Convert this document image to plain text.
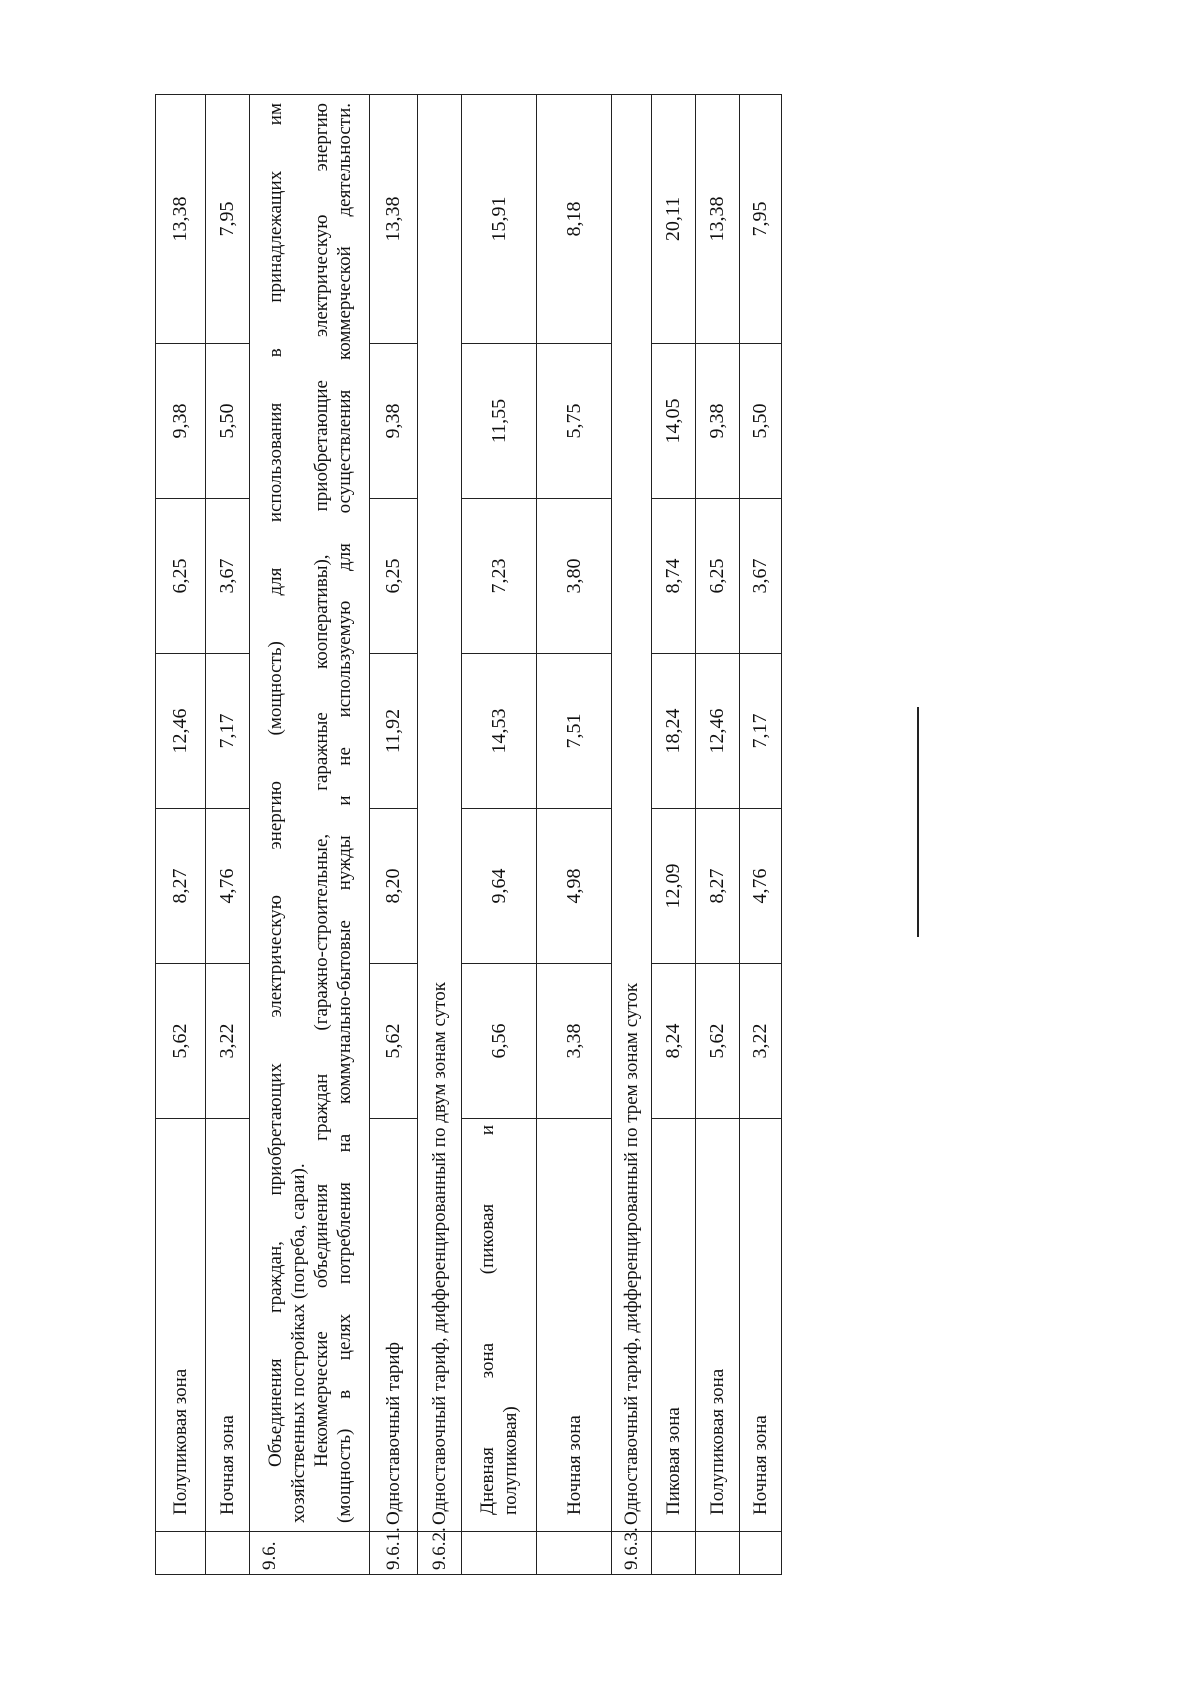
	Полупиковая зона	5,62	8,27	12,46	6,25	9,38	13,38
	Ночная зона	3,22	4,76	7,17	3,67	5,50	7,95
9.6.	Объединения граждан, приобретающих электрическую энергию (мощность) для использования в принадлежащих им хозяйственных постройках (погреба, сараи). Некоммерческие объединения граждан (гаражно-строительные, гаражные кооперативы), приобретающие электрическую энергию (мощность) в целях потребления на коммунально-бытовые нужды и не используемую для осуществления коммерческой деятельности.						

9.6.1.	Одноставочный тариф	5,62	8,20	11,92	6,25	9,38	13,38
9.6.2.	Одноставочный тариф, дифференцированный по двум зонам суток						

	Дневная зона (пиковая и полупиковая)	6,56	9,64	14,53	7,23	11,55	15,91
	Ночная зона	3,38	4,98	7,51	3,80	5,75	8,18
9.6.3.	Одноставочный тариф, дифференцированный по трем зонам суток						
	Пиковая зона	8,24	12,09	18,24	8,74	14,05	20,11
	Полупиковая зона	5,62	8,27	12,46	6,25	9,38	13,38
	Ночная зона	3,22	4,76	7,17	3,67	5,50	7,95
